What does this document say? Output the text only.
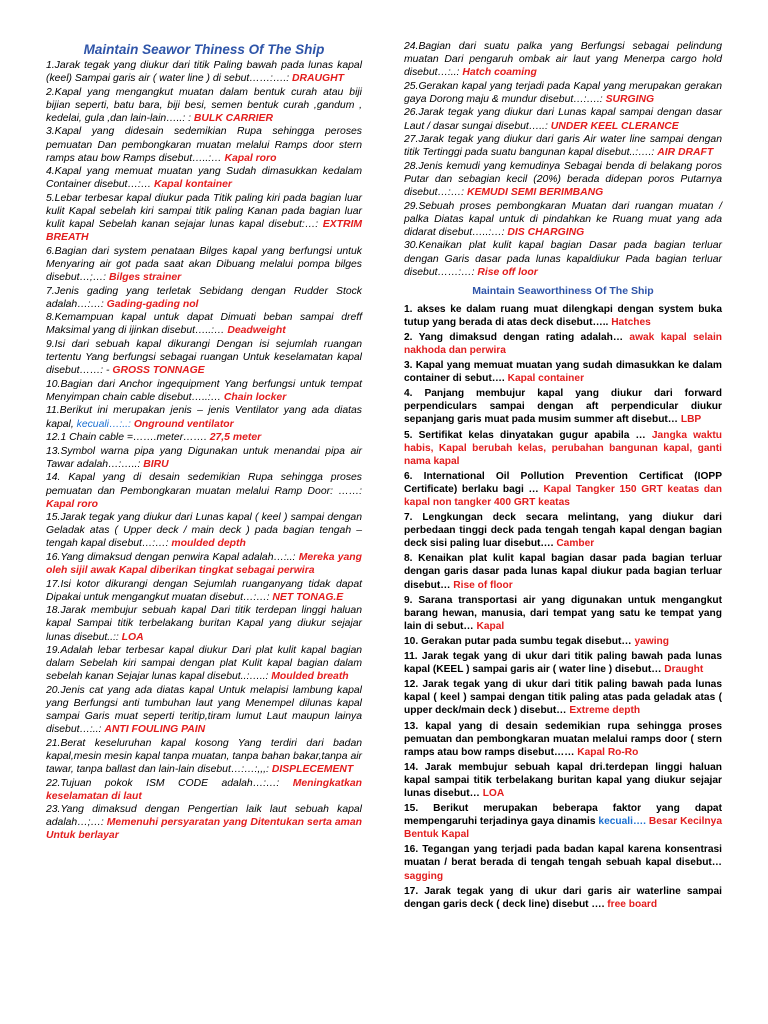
Maintain Seawor Thiness Of The Ship

1.Jarak tegak yang diukur dari titik Paling bawah pada lunas kapal (keel) Sampai garis air ( water line ) di sebut……:….: DRAUGHT

2.Kapal yang mengangkut muatan dalam bentuk curah atau biji bijian seperti, batu bara, biji besi, semen bentuk curah ,gandum , kedelai, gula ,dan lain-lain…..: : BULK CARRIER

3.Kapal yang didesain sedemikian Rupa sehingga peroses pemuatan Dan pembongkaran muatan melalui Ramps door stern ramps atau bow Ramps disebut…..:… Kapal roro

4.Kapal yang memuat muatan yang Sudah dimasukkan kedalam Container disebut…:… Kapal kontainer

5.Lebar terbesar kapal diukur pada Titik paling kiri pada bagian luar kulit Kapal sebelah kiri sampai titik paling Kanan pada bagian luar kulit kapal Sebelah kanan sejajar lunas kapal disebut:…: EXTRIM BREATH

6.Bagian dari system penataan Bilges kapal yang berfungsi untuk Menyaring air got pada saat akan Dibuang melalui pompa bilges disebut…;…: Bilges strainer

7.Jenis gading yang terletak Sebidang dengan Rudder Stock adalah…:…: Gading-gading nol

8.Kemampuan kapal untuk dapat Dimuati beban sampai dreff Maksimal yang di ijinkan disebut…..:… Deadweight

9.Isi dari sebuah kapal dikurangi Dengan isi sejumlah ruangan tertentu Yang berfungsi sebagai ruangan Untuk keselamatan kapal disebut……: - GROSS TONNAGE

10.Bagian dari Anchor ingequipment Yang berfungsi untuk tempat Menyimpan chain cable disebut…..:… Chain locker

11.Berikut ini merupakan jenis – jenis Ventilator yang ada diatas kapal, kecuali…:..: Onground ventilator

12.1 Chain cable =…….meter……. 27,5 meter

13.Symbol warna pipa yang Digunakan untuk menandai pipa air Tawar adalah…:…..: BIRU

14. Kapal yang di desain sedemikian Rupa sehingga proses pemuatan dan Pembongkaran muatan melalui Ramp Door: ……: Kapal roro

15.Jarak tegak yang diukur dari Lunas kapal ( keel ) sampai dengan Geladak atas ( Upper deck / main deck ) pada bagian tengah – tengah kapal disebut…:…: moulded depth

16.Yang dimaksud dengan penwira Kapal adalah…:..: Mereka yang oleh sijil awak Kapal diberikan tingkat sebagai perwira

17.Isi kotor dikurangi dengan Sejumlah ruanganyang tidak dapat Dipakai untuk mengangkut muatan disebut…:…: NET TONAG.E

18.Jarak membujur sebuah kapal Dari titik terdepan linggi haluan kapal Sampai titik terbelakang buritan Kapal yang diukur sejajar lunas disebut..:: LOA

19.Adalah lebar terbesar kapal diukur Dari plat kulit kapal bagian dalam Sebelah kiri sampai dengan plat Kulit kapal bagian dalam sebelah kanan Sejajar lunas kapal disebut..:…..: Moulded breath

20.Jenis cat yang ada diatas kapal Untuk melapisi lambung kapal yang Berfungsi anti tumbuhan laut yang Menempel dilunas kapal sampai Garis muat seperti teritip,tiram lumut Laut maupun lainya disebut…:..: ANTI FOULING PAIN

21.Berat keseluruhan kapal kosong Yang terdiri dari badan kapal,mesin mesin kapal tanpa muatan, tanpa bahan bakar,tanpa air tawar, tanpa ballast dan lain-lain disebut…:…:,,,: DISPLECEMENT

22.Tujuan pokok ISM CODE adalah…:…: Meningkatkan keselamatan di laut

23.Yang dimaksud dengan Pengertian laik laut sebuah kapal adalah…;…: Memenuhi persyaratan yang Ditentukan serta aman Untuk berlayar

24.Bagian dari suatu palka yang Berfungsi sebagai pelindung muatan Dari pengaruh ombak air laut yang Menerpa cargo hold disebut…:..: Hatch coaming

25.Gerakan kapal yang terjadi pada Kapal yang merupakan gerakan gaya Dorong maju & mundur disebut…:….: SURGING

26.Jarak tegak yang diukur dari Lunas kapal sampai dengan dasar Laut / dasar sungai disebut…..: UNDER KEEL CLERANCE

27.Jarak tegak yang diukur dari garis Air water line sampai dengan titik Tertinggi pada suatu bangunan kapal disebut..:….: AIR DRAFT

28.Jenis kemudi yang kemudinya Sebagai benda di belakang poros Putar dan sebagian kecil (20%) berada didepan poros Putarnya disebut…:…: KEMUDI SEMI BERIMBANG

29.Sebuah proses pembongkaran Muatan dari ruangan muatan / palka Diatas kapal untuk di pindahkan ke Ruang muat yang ada didarat disebut…..:…: DIS CHARGING

30.Kenaikan plat kulit kapal bagian Dasar pada bagian terluar dengan Garis dasar pada lunas kapaldiukur Pada bagian terluar disebut……:…: Rise off loor

Maintain Seaworthiness Of The Ship

1. akses ke dalam ruang muat dilengkapi dengan system buka tutup yang berada di atas deck disebut….. Hatches

2. Yang dimaksud dengan rating adalah… awak kapal selain nakhoda dan perwira

3. Kapal yang memuat muatan yang sudah dimasukkan ke dalam container di sebut…. Kapal container

4. Panjang membujur kapal yang diukur dari forward perpendiculars sampai dengan aft perpendicular diukur sepanjang garis muat pada musim summer aft disebut… LBP

5. Sertifikat kelas dinyatakan gugur apabila … Jangka waktu habis, Kapal berubah kelas, perubahan bangunan kapal, ganti nama kapal

6. International Oil Pollution Prevention Certificat (IOPP Certificate) berlaku bagi … Kapal Tangker 150 GRT keatas dan kapal non tangker 400 GRT keatas

7. Lengkungan deck secara melintang, yang diukur dari perbedaan tinggi deck pada tengah tengah kapal dengan bagian deck sisi paling luar disebut…. Camber

8. Kenaikan plat kulit kapal bagian dasar pada bagian terluar dengan garis dasar pada lunas kapal diukur pada bagian terluar disebut… Rise of floor

9. Sarana transportasi air yang digunakan untuk mengangkut barang hewan, manusia, dari tempat yang satu ke tempat yang lain di sebut… Kapal

10. Gerakan putar pada sumbu tegak disebut… yawing

11. Jarak tegak yang di ukur dari titik paling bawah pada lunas kapal (KEEL ) sampai garis air ( water line ) disebut… Draught

12. Jarak tegak yang di ukur dari titik paling bawah pada lunas kapal ( keel ) sampai dengan titik paling atas pada geladak atas ( upper deck/main deck ) disebut… Extreme depth

13. kapal yang di desain sedemikian rupa sehingga proses pemuatan dan pembongkaran muatan melalui ramps door ( stern ramps atau bow ramps disebut…… Kapal Ro-Ro

14. Jarak membujur sebuah kapal dri.terdepan linggi haluan kapal sampai titik terbelakang buritan kapal yang diukur sejajar lunas disebut… LOA

15. Berikut merupakan beberapa faktor yang dapat mempengaruhi terjadinya gaya dinamis kecuali…. Besar Kecilnya Bentuk Kapal

16. Tegangan yang terjadi pada badan kapal karena konsentrasi muatan / berat berada di tengah tengah sebuah kapal disebut… sagging

17. Jarak tegak yang di ukur dari garis air waterline sampai dengan garis deck ( deck line) disebut …. free board
